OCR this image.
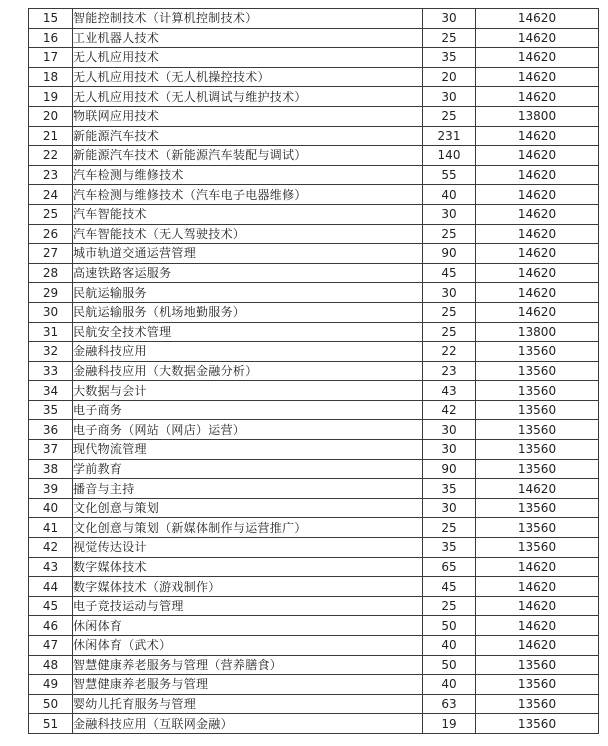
15	智能控制技术（计算机控制技术）	30	14620
16	工业机器人技术	25	14620
17	无人机应用技术	35	14620
18	无人机应用技术（无人机操控技术）	20	14620
19	无人机应用技术（无人机调试与维护技术）	30	14620
20	物联网应用技术	25	13800
21	新能源汽车技术	231	14620
22	新能源汽车技术（新能源汽车装配与调试）	140	14620
23	汽车检测与维修技术	55	14620
24	汽车检测与维修技术（汽车电子电器维修）	40	14620
25	汽车智能技术	30	14620
26	汽车智能技术（无人驾驶技术）	25	14620
27	城市轨道交通运营管理	90	14620
28	高速铁路客运服务	45	14620
29	民航运输服务	30	14620
30	民航运输服务（机场地勤服务）	25	14620
31	民航安全技术管理	25	13800
32	金融科技应用	22	13560
33	金融科技应用（大数据金融分析）	23	13560
34	大数据与会计	43	13560
35	电子商务	42	13560
36	电子商务（网站（网店）运营）	30	13560
37	现代物流管理	30	13560
38	学前教育	90	13560
39	播音与主持	35	14620
40	文化创意与策划	30	13560
41	文化创意与策划（新媒体制作与运营推广）	25	13560
42	视觉传达设计	35	13560
43	数字媒体技术	65	14620
44	数字媒体技术（游戏制作）	45	14620
45	电子竞技运动与管理	25	14620
46	休闲体育	50	14620
47	休闲体育（武术）	40	14620
48	智慧健康养老服务与管理（营养膳食）	50	13560
49	智慧健康养老服务与管理	40	13560
50	婴幼儿托育服务与管理	63	13560
51	金融科技应用（互联网金融）	19	13560
